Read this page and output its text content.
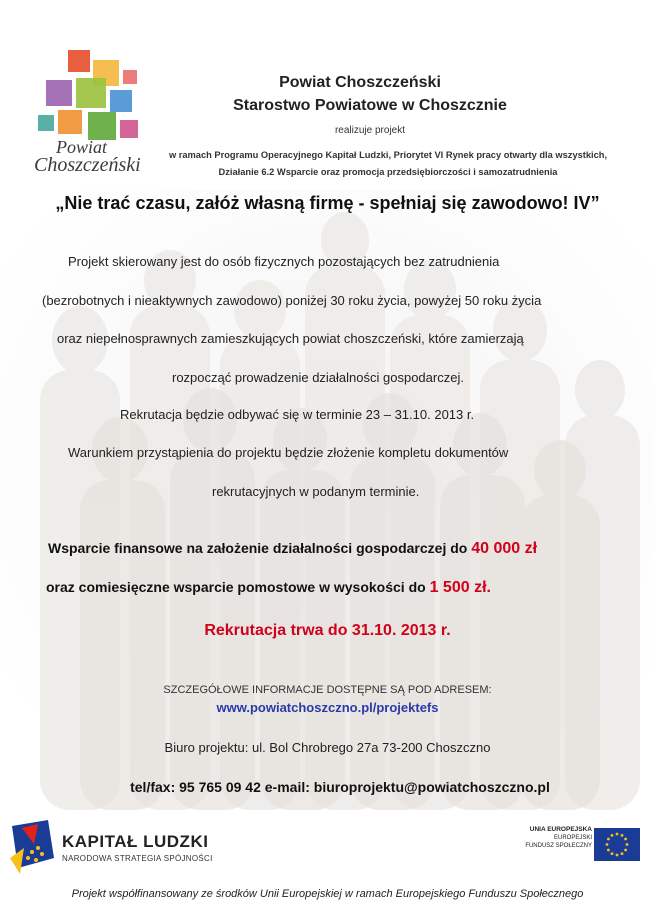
Powiat
Choszczeński
Powiat Choszczeński
Starostwo Powiatowe w Choszcznie
realizuje projekt
w ramach Programu Operacyjnego Kapitał Ludzki, Priorytet VI Rynek pracy otwarty dla wszystkich,
Działanie 6.2 Wsparcie oraz promocja przedsiębiorczości i samozatrudnienia
„Nie trać czasu, załóż własną firmę - spełniaj się zawodowo! IV”
Projekt skierowany jest do osób fizycznych pozostających bez zatrudnienia
(bezrobotnych i nieaktywnych zawodowo) poniżej 30 roku życia, powyżej 50 roku życia
oraz niepełnosprawnych zamieszkujących powiat choszczeński, które zamierzają
rozpocząć prowadzenie działalności gospodarczej.
Rekrutacja będzie odbywać się w terminie 23 – 31.10. 2013 r.
Warunkiem przystąpienia do projektu będzie złożenie kompletu dokumentów
rekrutacyjnych w podanym terminie.
Wsparcie finansowe na założenie działalności gospodarczej do 40 000 zł
oraz comiesięczne wsparcie pomostowe w wysokości do 1 500 zł.
Rekrutacja trwa do 31.10. 2013 r.
SZCZEGÓŁOWE INFORMACJE DOSTĘPNE SĄ POD ADRESEM:
www.powiatchoszczno.pl/projektefs
Biuro projektu: ul. Bol Chrobrego 27a 73-200 Choszczno
tel/fax: 95 765 09 42 e-mail: biuroprojektu@powiatchoszczno.pl
KAPITAŁ LUDZKI
NARODOWA STRATEGIA SPÓJNOŚCI
UNIA EUROPEJSKA
EUROPEJSKI
FUNDUSZ SPOŁECZNY
Projekt współfinansowany ze środków Unii Europejskiej w ramach Europejskiego Funduszu Społecznego
